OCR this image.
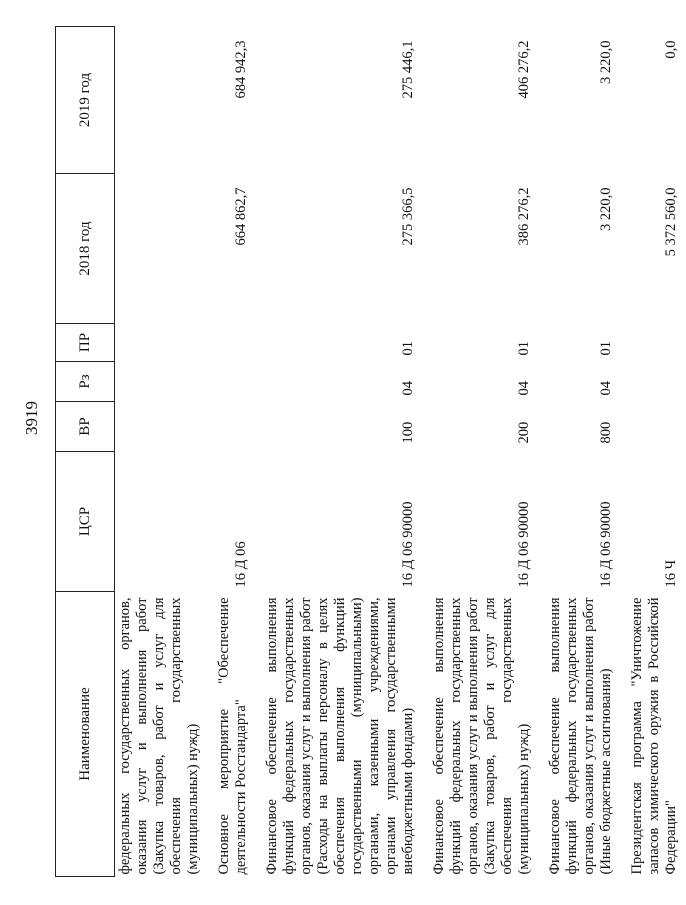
3919
Наименование	ЦСР	ВР	Рз	ПР	2018 год	2019 год
федеральных государственных органов, оказания услуг и выполнения работ (Закупка товаров, работ и услуг для обеспечения государственных (муниципальных) нужд)						
Основное мероприятие "Обеспечение деятельности Росстандарта"	16 Д 06				664 862,7	684 942,3
Финансовое обеспечение выполнения функций федеральных государственных органов, оказания услуг и выполнения работ (Расходы на выплаты персоналу в целях обеспечения выполнения функций государственными (муниципальными) органами, казенными учреждениями, органами управления государственными внебюджетными фондами)	16 Д 06 90000	100	04	01	275 366,5	275 446,1
Финансовое обеспечение выполнения функций федеральных государственных органов, оказания услуг и выполнения работ (Закупка товаров, работ и услуг для обеспечения государственных (муниципальных) нужд)	16 Д 06 90000	200	04	01	386 276,2	406 276,2
Финансовое обеспечение выполнения функций федеральных государственных органов, оказания услуг и выполнения работ (Иные бюджетные ассигнования)	16 Д 06 90000	800	04	01	3 220,0	3 220,0
Президентская программа "Уничтожение запасов химического оружия в Российской Федерации"	16 Ч				5 372 560,0	0,0
